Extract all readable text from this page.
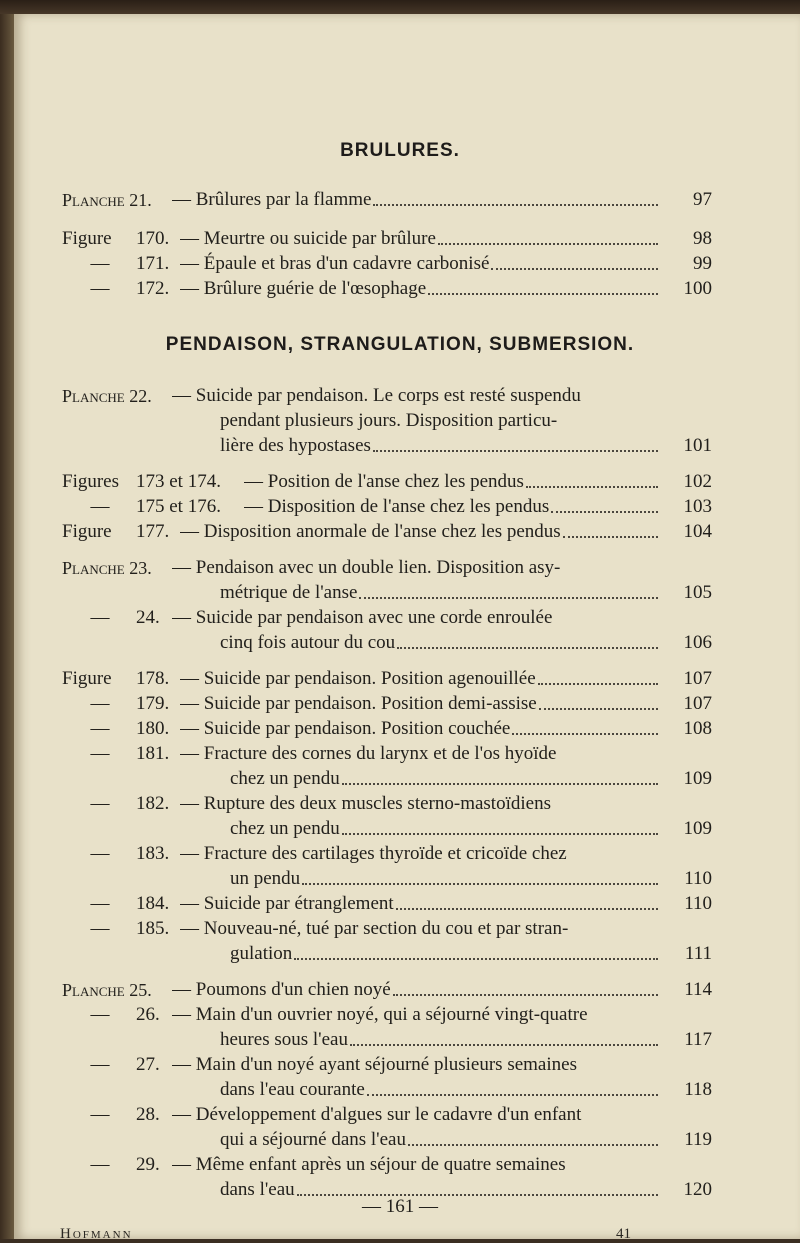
BRULURES.
Planche 21. — Brûlures par la flamme	97
Figure 170. — Meurtre ou suicide par brûlure	98
—	171. — Épaule et bras d'un cadavre carbonisé	99
—	172. — Brûlure guérie de l'œsophage	100
PENDAISON, STRANGULATION, SUBMERSION.
Planche 22. — Suicide par pendaison. Le corps est resté suspendu
pendant plusieurs jours. Disposition particu-
lière des hypostases	101
Figures 173 et 174. — Position de l'anse chez les pendus	102
—	175 et 176. — Disposition de l'anse chez les pendus	103
Figure 177. — Disposition anormale de l'anse chez les pendus	104
Planche 23. — Pendaison avec un double lien. Disposition asy-
métrique de l'anse	105
—	24. — Suicide par pendaison avec une corde enroulée
cinq fois autour du cou	106
Figure 178. — Suicide par pendaison. Position agenouillée	107
—	179. — Suicide par pendaison. Position demi-assise	107
—	180. — Suicide par pendaison. Position couchée	108
—	181. — Fracture des cornes du larynx et de l'os hyoïde
chez un pendu	109
—	182. — Rupture des deux muscles sterno-mastoïdiens
chez un pendu	109
—	183. — Fracture des cartilages thyroïde et cricoïde chez
un pendu	110
—	184. — Suicide par étranglement	110
—	185. — Nouveau-né, tué par section du cou et par stran-
gulation	111
Planche 25. — Poumons d'un chien noyé	114
—	26. — Main d'un ouvrier noyé, qui a séjourné vingt-quatre
heures sous l'eau	117
—	27. — Main d'un noyé ayant séjourné plusieurs semaines
dans l'eau courante	118
—	28. — Développement d'algues sur le cadavre d'un enfant
qui a séjourné dans l'eau	119
—	29. — Même enfant après un séjour de quatre semaines
dans l'eau	120
— 161 —
Hofmann	41
